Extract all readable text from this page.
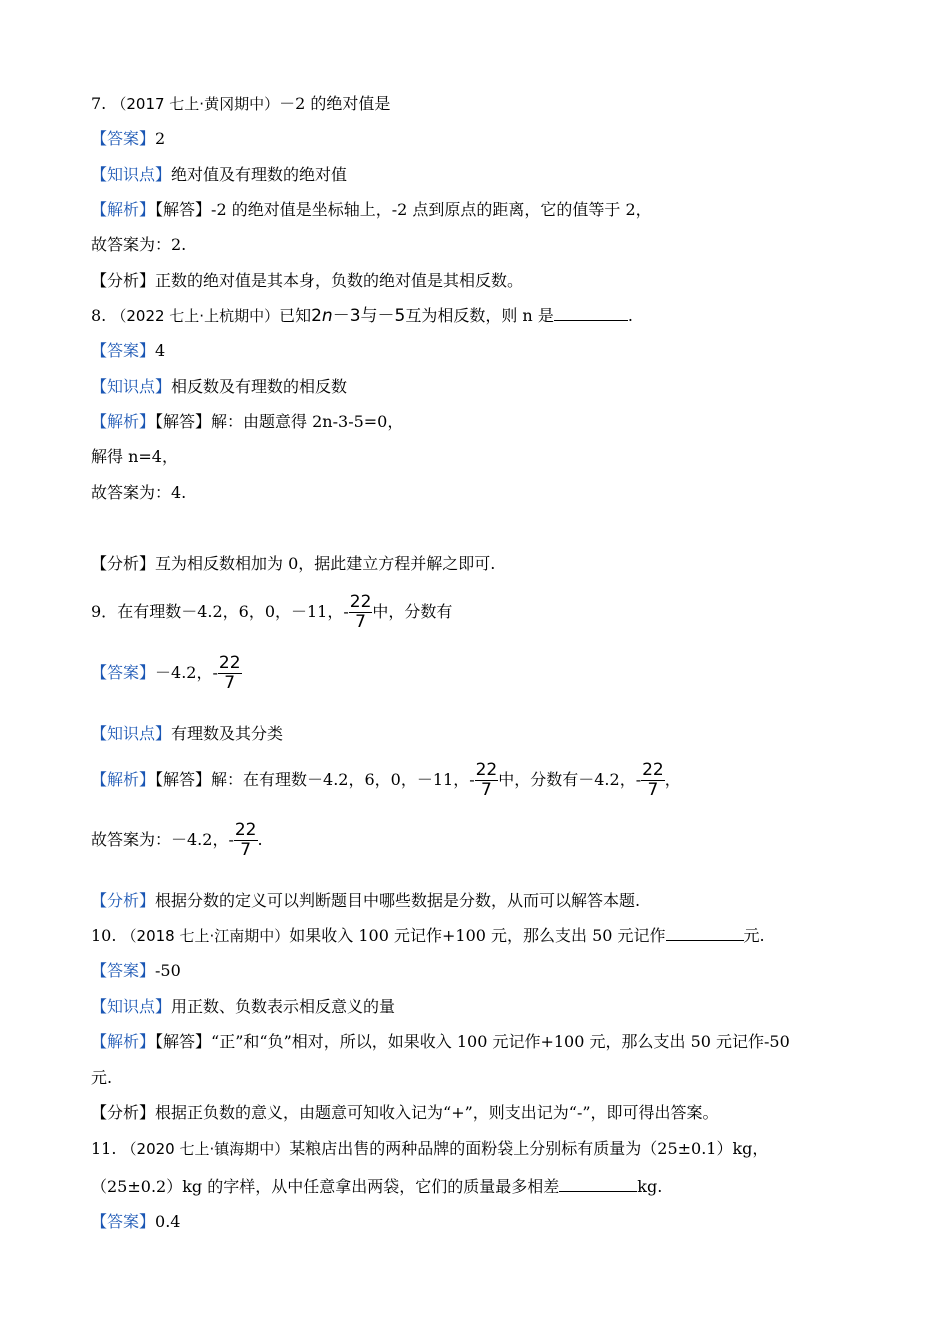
7. （2017 七上·黄冈期中）－2 的绝对值是
【答案】2
【知识点】绝对值及有理数的绝对值
【解析】【解答】-2 的绝对值是坐标轴上，-2 点到原点的距离，它的值等于 2，
故答案为：2.
【分析】正数的绝对值是其本身，负数的绝对值是其相反数。
8. （2022 七上·上杭期中）已知2n－3与－5互为相反数，则 n 是	.
【答案】4
【知识点】相反数及有理数的相反数
【解析】【解答】解：由题意得 2n-3-5=0，
解得 n=4，
故答案为：4.
【分析】互为相反数相加为 0，据此建立方程并解之即可.
9．在有理数－4.2，6，0，－11，- $\frac{22}{7}$ 中，分数有
【答案】－4.2，- $\frac{22}{7}$
【知识点】有理数及其分类
【解析】【解答】解：在有理数－4.2，6，0，－11，- $\frac{22}{7}$ 中，分数有－4.2，- $\frac{22}{7}$ ，
故答案为：－4.2，- $\frac{22}{7}$ .
【分析】根据分数的定义可以判断题目中哪些数据是分数，从而可以解答本题.
10. （2018 七上·江南期中）如果收入 100 元记作+100 元，那么支出 50 元记作	元.
【答案】-50
【知识点】用正数、负数表示相反意义的量
【解析】【解答】“正”和“负”相对，所以，如果收入 100 元记作+100 元，那么支出 50 元记作-50
元.
【分析】根据正负数的意义，由题意可知收入记为“+”，则支出记为“-”，即可得出答案。
11. （2020 七上·镇海期中）某粮店出售的两种品牌的面粉袋上分别标有质量为（25±0.1）kg，
（25±0.2）kg 的字样，从中任意拿出两袋，它们的质量最多相差	kg.
【答案】0.4
